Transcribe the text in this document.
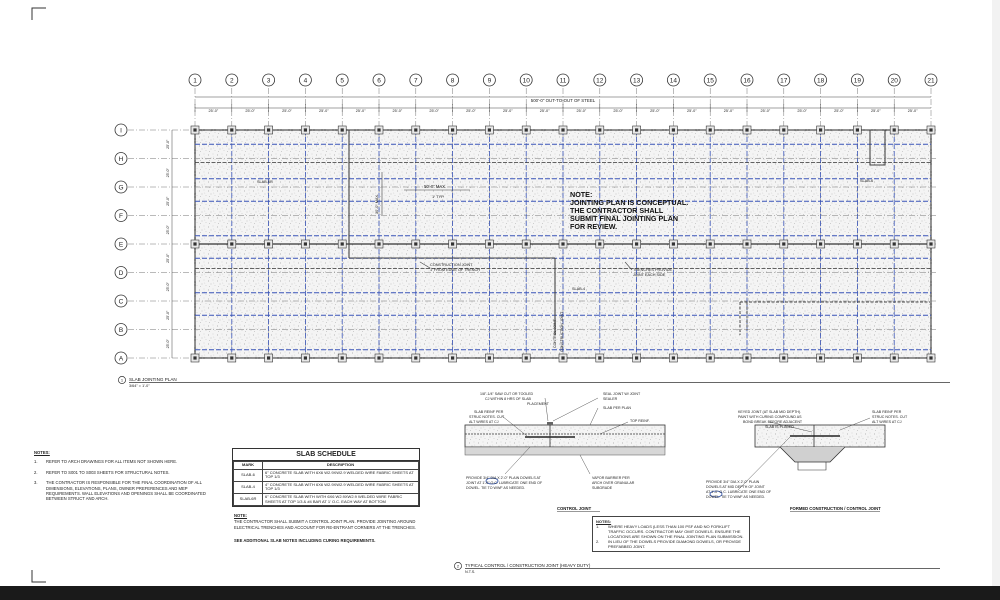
1	2	3	4	5	6	7	8	9	10	11	12	13	14	15	16	17	18	19	20	21
I
H
G
F
E
D
C
B
A
500'-0" OUT-TO-OUT OF STEEL
25'-0"	25'-0"	25'-0"	25'-0"	25'-0"	25'-0"	25'-0"	25'-0"	25'-0"	25'-0"	25'-0"	25'-0"	25'-0"	25'-0"	25'-0"	25'-0"	25'-0"	25'-0"	25'-0"	25'-0"
25'-0"
25'-0"
25'-0"
25'-0"
25'-0"
25'-0"
25'-0"
25'-0"
NOTE:
JOINTING PLAN IS CONCEPTUAL.
THE CONTRACTOR SHALL
SUBMIT FINAL JOINTING PLAN
FOR REVIEW.
SLAB-6R
SLAB-4
SLAB-6
50'-0" MAX.
1' TYP.
30'-0" MAX.
CONSTRUCTION JOINT
1' FROM EDGE OF TRENCH	TRENCHES PROVIDE
JOINT EACH SIDE
CONTROL JOINT CONSTRUCTION JOINT
1 SLAB JOINTING PLAN
3/64" = 1'-0"
1/8"-1/4" SAW CUT OR TOOLED
CJ WITHIN 8 HRS OF SLAB
PLACEMENT
SEAL JOINT W/ JOINT
SEALER
SLAB PER PLAN
SLAB REINF PER
STRUC NOTES. CUT
ALT WIRES AT CJ	TOP REINF.
PROVIDE 3/4" DIA X 2'-0" PLAIN DOWELS AT
JOINT AT 1'-0" O.C. LUBRICATE ONE END OF
DOWEL. TIE TO WWF AS NEEDED.
VAPOR BARRIER PER
ARCH OVER GRANULAR
SUBGRADE
CONTROL JOINT
KEYED JOINT (AT SLAB MID DEPTH).
PAINT WITH CURING COMPOUND AS
BOND BREAK BEFORE ADJACENT
SLAB IS PLACED
SLAB REINF PER
STRUC NOTES. CUT
ALT WIRES AT CJ
PROVIDE 3/4" DIA X 2'-0" PLAIN
DOWELS AT MID DEPTH OF JOINT
AT 1'-0" O.C. LUBRICATE ONE END OF
DOWEL. TIE TO WWF AS NEEDED.
FORMED CONSTRUCTION / CONTROL JOINT
2 TYPICAL CONTROL / CONSTRUCTION JOINT (HEAVY DUTY)
N.T.S.
NOTES:
1.	REFER TO ARCH DRAWINGS FOR ALL ITEMS NOT SHOWN HERE.
2.	REFER TO S001 TO S003 SHEETS FOR STRUCTURAL NOTES.
3.	THE CONTRACTOR IS RESPONSIBLE FOR THE FINAL COORDINATION OF ALL DIMENSIONS, ELEVATIONS, PLANS, OWNER PREFERENCES AND MEP REQUIREMENTS. WALL ELEVATIONS AND OPENINGS SHALL BE COORDINATED BETWEEN STRUCT AND ARCH.
SLAB SCHEDULE
MARK	DESCRIPTION
SLAB-6	6" CONCRETE SLAB WITH 6X6 W2.9XW2.9 WELDED WIRE FABRIC SHEETS AT TOP 1/3
SLAB-4	4" CONCRETE SLAB WITH 6X6 W2.9XW2.9 WELDED WIRE FABRIC SHEETS AT TOP 1/3
SLAB-6R	6" CONCRETE SLAB WITH WITH 6X6 W2.9XW2.9 WELDED WIRE FABRIC SHEETS AT TOP 1/3 & #4 BAR AT 1' O.C. EACH WAY AT BOTTOM
NOTE:
THE CONTRACTOR SHALL SUBMIT A CONTROL JOINT PLAN. PROVIDE JOINTING AROUND ELECTRICAL TRENCHES AND ACCOUNT FOR RE-ENTRANT CORNERS AT THE TRENCHES.
SEE ADDITIONAL SLAB NOTES INCLUDING CURING REQUIREMENTS.
NOTES:
1.	WHERE HEAVY LOADS (LESS THAN 100 PSF AND NO FORKLIFT TRAFFIC OCCURS. CONTRACTOR MAY OMIT DOWELS. ENSURE THE LOCATIONS ARE SHOWN ON THE FINAL JOINTING PLAN SUBMISSION.
2.	IN LIEU OF THE DOWELS PROVIDE DIAMOND DOWELS, OR PROVIDE PREFABBED JOINT.
